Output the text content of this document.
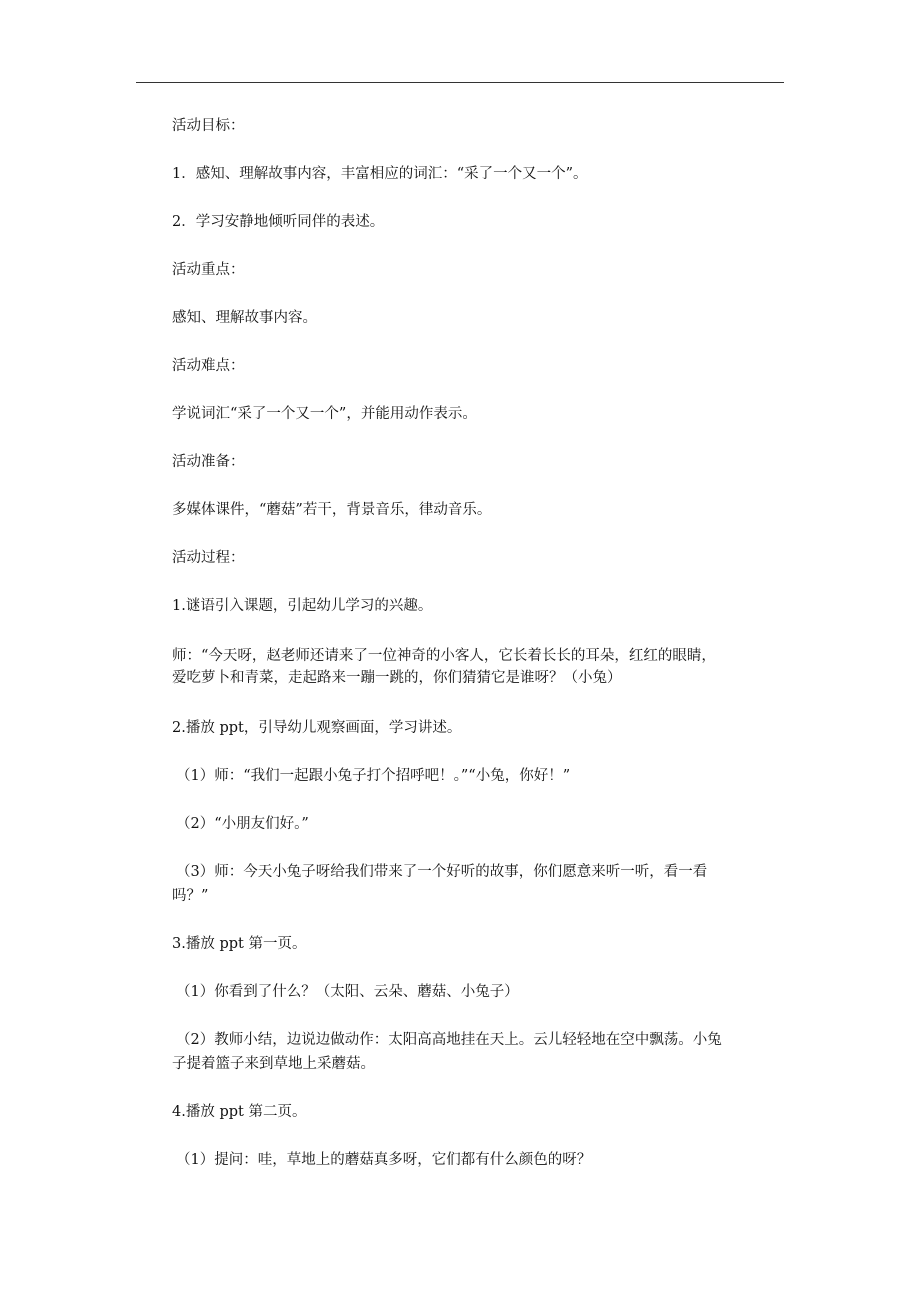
活动目标：
1．感知、理解故事内容，丰富相应的词汇：“采了一个又一个”。
2．学习安静地倾听同伴的表述。
活动重点：
感知、理解故事内容。
活动难点：
学说词汇“采了一个又一个”，并能用动作表示。
活动准备：
多媒体课件，“蘑菇”若干，背景音乐，律动音乐。
活动过程：
1.谜语引入课题，引起幼儿学习的兴趣。
师：“今天呀，赵老师还请来了一位神奇的小客人，它长着长长的耳朵，红红的眼睛，
爱吃萝卜和青菜，走起路来一蹦一跳的，你们猜猜它是谁呀？（小兔）
2.播放 ppt，引导幼儿观察画面，学习讲述。
（1）师：“我们一起跟小兔子打个招呼吧！。”“小兔，你好！”
（2）“小朋友们好。”
（3）师：今天小兔子呀给我们带来了一个好听的故事，你们愿意来听一听，看一看
吗？”
3.播放 ppt 第一页。
（1）你看到了什么？（太阳、云朵、蘑菇、小兔子）
（2）教师小结，边说边做动作：太阳高高地挂在天上。云儿轻轻地在空中飘荡。小兔
子提着篮子来到草地上采蘑菇。
4.播放 ppt 第二页。
（1）提问：哇，草地上的蘑菇真多呀，它们都有什么颜色的呀？
